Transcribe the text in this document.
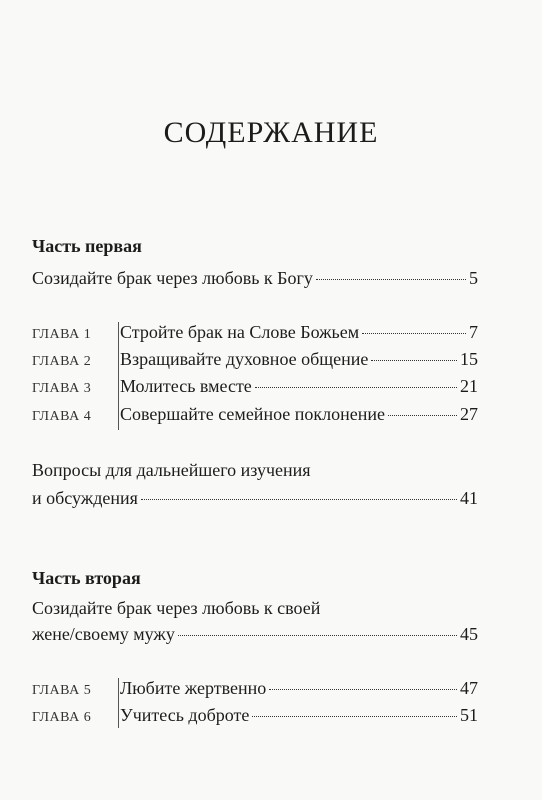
СОДЕРЖАНИЕ
Часть первая
Созидайте брак через любовь к Богу	5
ГЛАВА 1	Стройте брак на Слове Божьем	7
ГЛАВА 2	Взращивайте духовное общение	15
ГЛАВА 3	Молитесь вместе	21
ГЛАВА 4	Совершайте семейное поклонение	27
Вопросы для дальнейшего изучения
и обсуждения	41
Часть вторая
Созидайте брак через любовь к своей
жене/своему мужу	45
ГЛАВА 5	Любите жертвенно	47
ГЛАВА 6	Учитесь доброте	51
